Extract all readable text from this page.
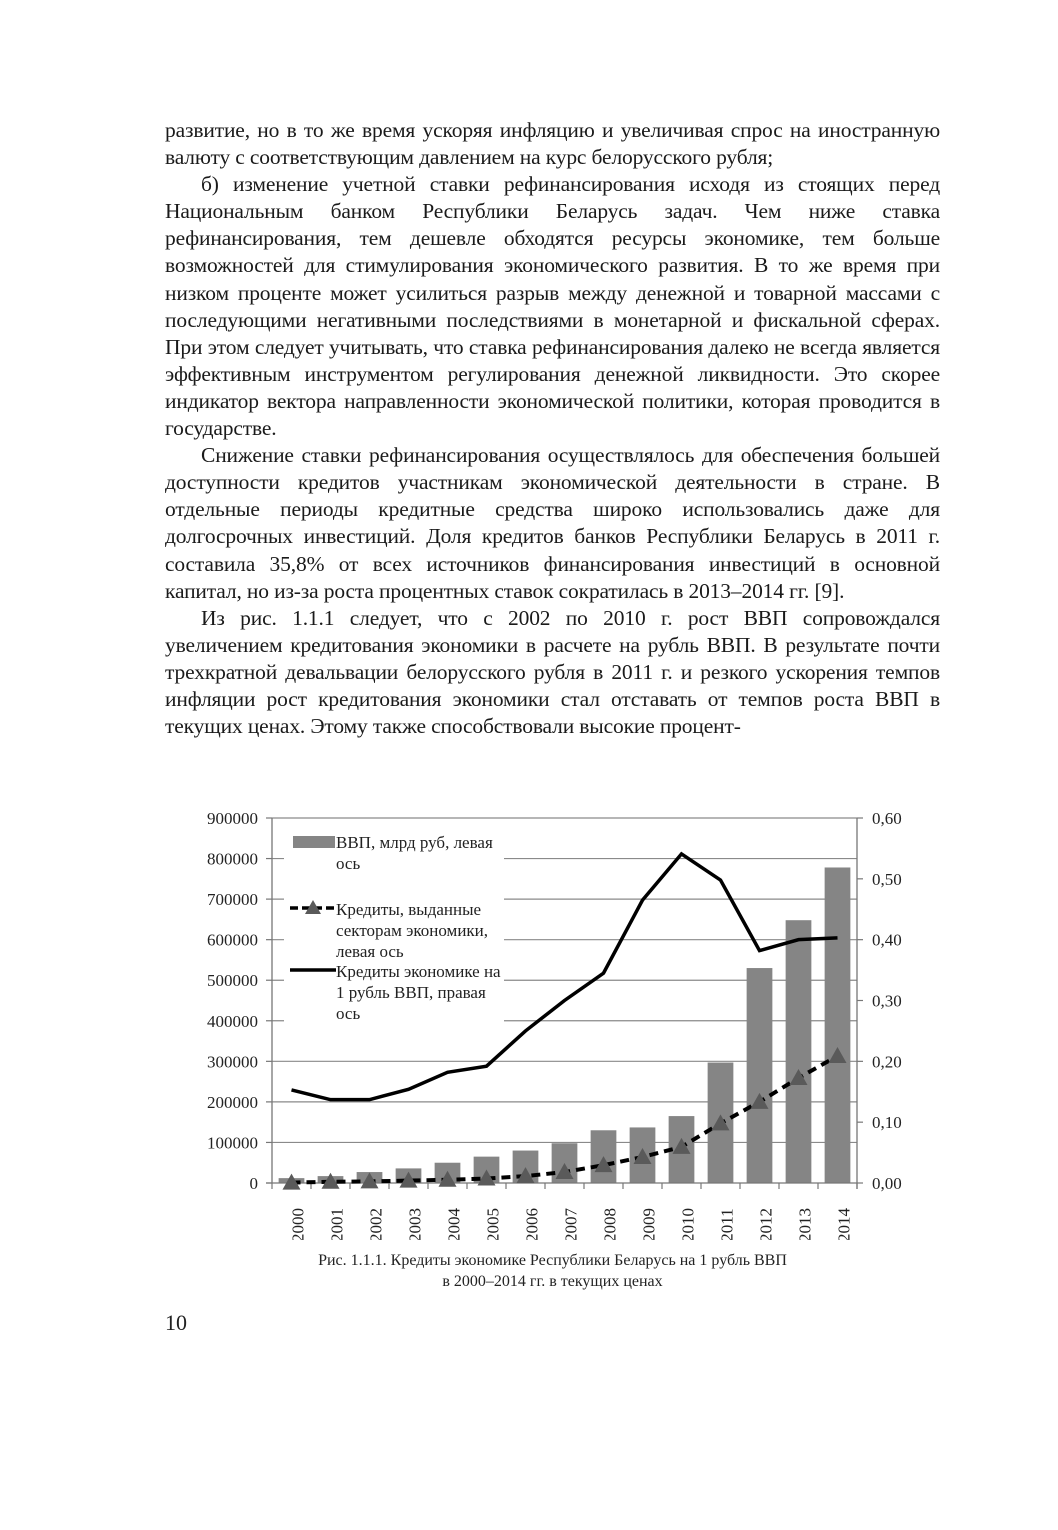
развитие, но в то же время ускоряя инфляцию и увеличивая спрос на иностранную валюту с соответствующим давлением на курс белорусского рубля;

б) изменение учетной ставки рефинансирования исходя из стоящих перед Национальным банком Республики Беларусь задач. Чем ниже ставка рефинансирования, тем дешевле обходятся ресурсы экономике, тем больше возможностей для стимулирования экономического развития. В то же время при низком проценте может усилиться разрыв между денежной и товарной массами с последующими негативными последствиями в монетарной и фискальной сферах. При этом следует учитывать, что ставка рефинансирования далеко не всегда является эффективным инструментом регулирования денежной ликвидности. Это скорее индикатор вектора направленности экономической политики, которая проводится в государстве.

Снижение ставки рефинансирования осуществлялось для обеспечения большей доступности кредитов участникам экономической деятельности в стране. В отдельные периоды кредитные средства широко использовались даже для долгосрочных инвестиций. Доля кредитов банков Республики Беларусь в 2011 г. составила 35,8% от всех источников финансирования инвестиций в основной капитал, но из-за роста процентных ставок сократилась в 2013–2014 гг. [9].

Из рис. 1.1.1 следует, что с 2002 по 2010 г. рост ВВП сопровождался увеличением кредитования экономики в расчете на рубль ВВП. В результате почти трехкратной девальвации белорусского рубля в 2011 г. и резкого ускорения темпов инфляции рост кредитования экономики стал отставать от темпов роста ВВП в текущих ценах. Этому также способствовали высокие процент-

0
100000
200000
300000
400000
500000
600000
700000
800000
900000
0,00
0,10
0,20
0,30
0,40
0,50
0,60
2000 2001 2002 2003 2004 2005 2006 2007 2008 2009 2010 2011 2012 2013 2014
ВВП, млрд руб, левая
ось
Кредиты, выданные
секторам экономики,
левая ось
Кредиты экономике на
1 рубль ВВП, правая
ось
Рис. 1.1.1. Кредиты экономике Республики Беларусь на 1 рубль ВВП
в 2000–2014 гг. в текущих ценах
10
